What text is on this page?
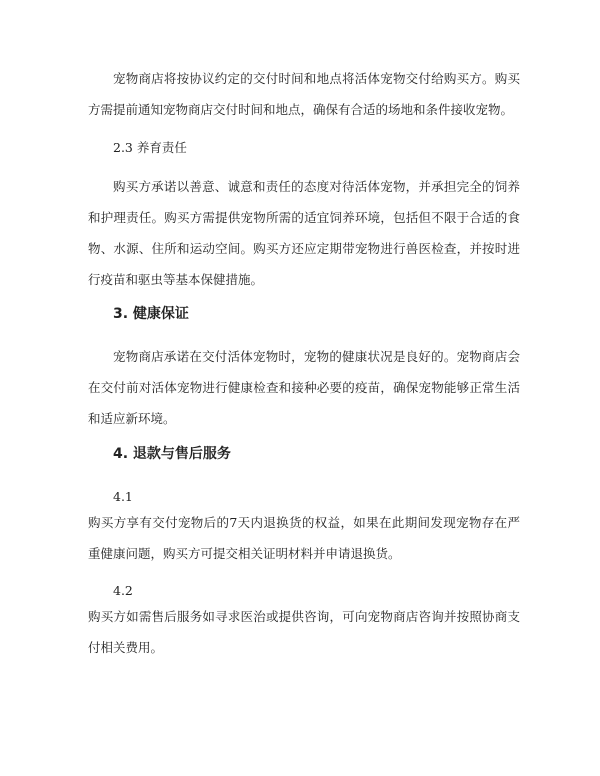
宠物商店将按协议约定的交付时间和地点将活体宠物交付给购买方。购买方需提前通知宠物商店交付时间和地点，确保有合适的场地和条件接收宠物。

2.3 养育责任

购买方承诺以善意、诚意和责任的态度对待活体宠物，并承担完全的饲养和护理责任。购买方需提供宠物所需的适宜饲养环境，包括但不限于合适的食物、水源、住所和运动空间。购买方还应定期带宠物进行兽医检查，并按时进行疫苗和驱虫等基本保健措施。

3. 健康保证

宠物商店承诺在交付活体宠物时，宠物的健康状况是良好的。宠物商店会在交付前对活体宠物进行健康检查和接种必要的疫苗，确保宠物能够正常生活和适应新环境。

4. 退款与售后服务

4.1

购买方享有交付宠物后的7天内退换货的权益，如果在此期间发现宠物存在严重健康问题，购买方可提交相关证明材料并申请退换货。

4.2

购买方如需售后服务如寻求医治或提供咨询，可向宠物商店咨询并按照协商支付相关费用。
